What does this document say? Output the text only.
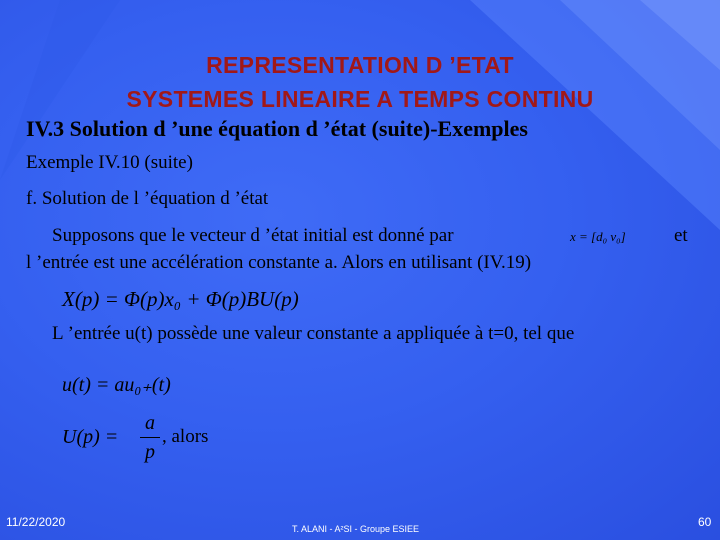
REPRESENTATION D ’ETAT
SYSTEMES LINEAIRE A TEMPS CONTINU
IV.3 Solution d ’une équation d ’état (suite)-Exemples
Exemple IV.10 (suite)
f. Solution de l ’équation d ’état
Supposons que le vecteur d ’état initial est donné par	x = [d₀ v₀]	et
l ’entrée est une accélération constante a. Alors en utilisant (IV.19)
X(p) = Φ(p)x₀ + Φ(p)BU(p)
L ’entrée u(t) possède une valeur constante a appliquée à t=0, tel que
u(t) = au₀₊(t)
U(p) =
a
p
, alors
11/22/2020	T. ALANI - A²SI - Groupe ESIEE	60
